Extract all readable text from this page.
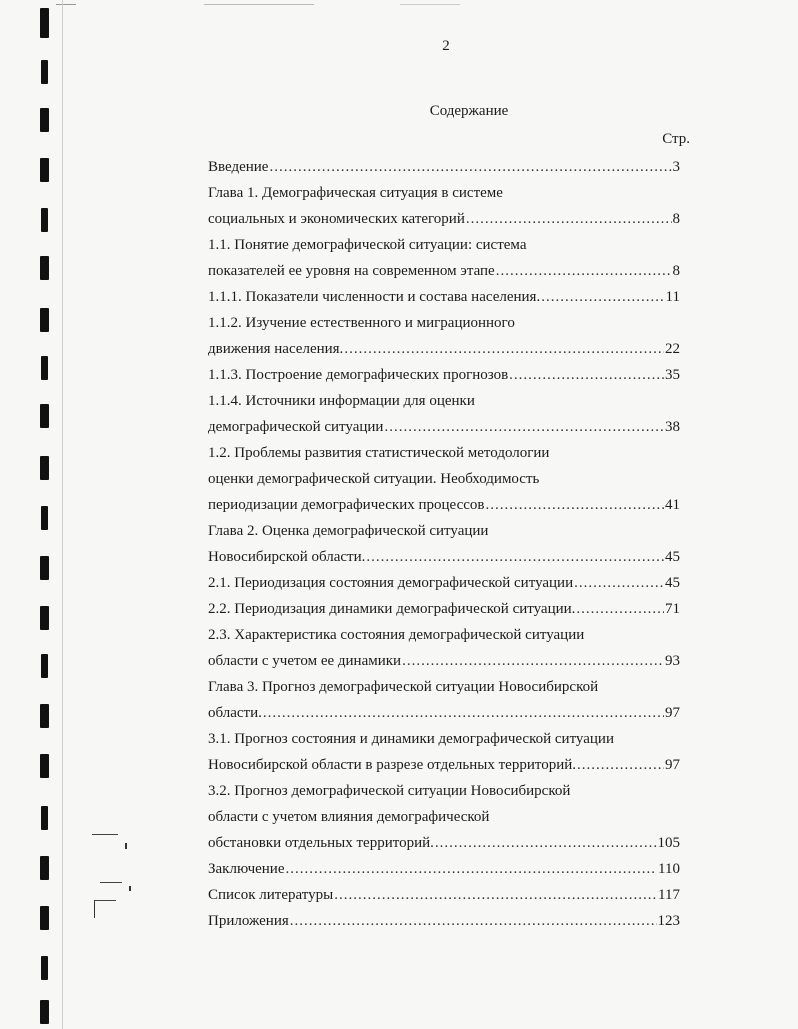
2
Содержание
Стр.
Введение .....	3
Глава 1. Демографическая ситуация в системе
социальных и экономических категорий .....	8
1.1. Понятие демографической ситуации: система
показателей ее уровня на современном этапе .....	8
1.1.1. Показатели численности и состава населения. .....	11
1.1.2. Изучение естественного и миграционного
движения населения. .....	22
1.1.3. Построение демографических прогнозов .....	35
1.1.4. Источники информации для оценки
демографической ситуации .....	38
1.2. Проблемы развития статистической методологии
оценки демографической ситуации. Необходимость
периодизации демографических процессов .....	41
Глава 2. Оценка демографической ситуации
Новосибирской области. .....	45
2.1. Периодизация состояния демографической ситуации .....	45
2.2. Периодизация динамики демографической ситуации. .....	71
2.3. Характеристика состояния демографической ситуации
области с учетом ее динамики .....	93
Глава 3. Прогноз демографической ситуации Новосибирской
области. .....	97
3.1. Прогноз состояния и динамики демографической ситуации
Новосибирской области в разрезе отдельных территорий. .....	97
3.2. Прогноз демографической ситуации Новосибирской
области с учетом влияния демографической
обстановки отдельных территорий. .....	105
Заключение .....	110
Список литературы .....	117
Приложения .....	123
